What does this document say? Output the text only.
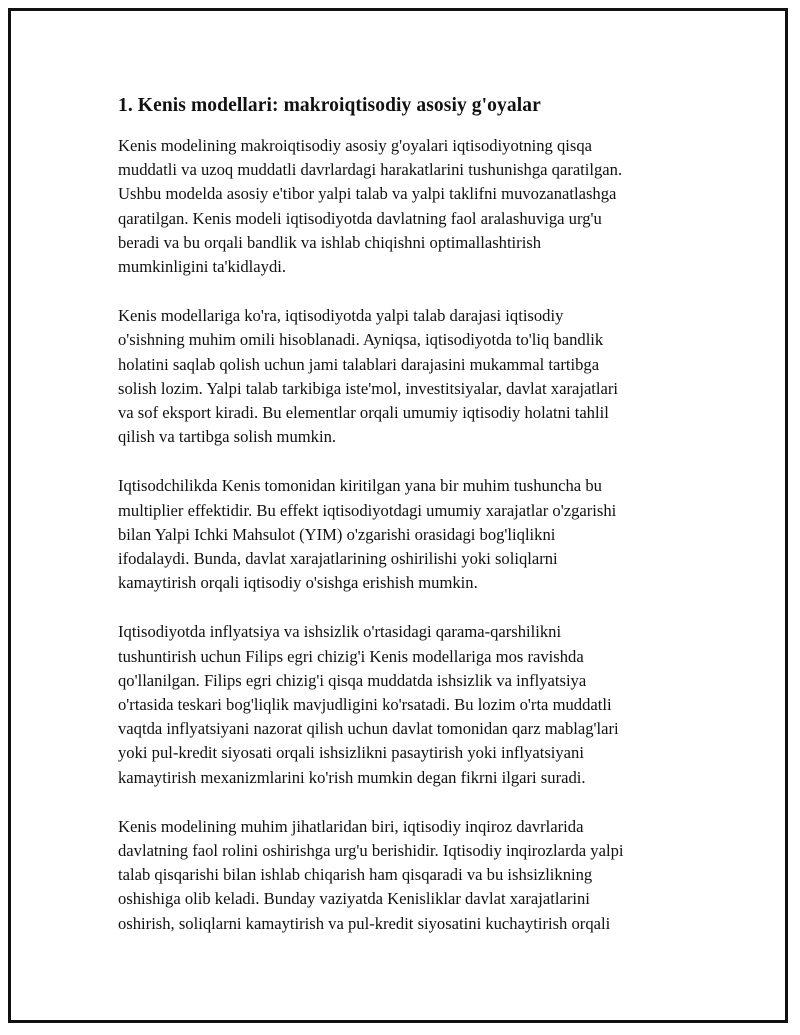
1. Kenis modellari: makroiqtisodiy asosiy g'oyalar

Kenis modelining makroiqtisodiy asosiy g'oyalari iqtisodiyotning qisqa
muddatli va uzoq muddatli davrlardagi harakatlarini tushunishga qaratilgan.
Ushbu modelda asosiy e'tibor yalpi talab va yalpi taklifni muvozanatlashga
qaratilgan. Kenis modeli iqtisodiyotda davlatning faol aralashuviga urg'u
beradi va bu orqali bandlik va ishlab chiqishni optimallashtirish
mumkinligini ta'kidlaydi.

Kenis modellariga ko'ra, iqtisodiyotda yalpi talab darajasi iqtisodiy
o'sishning muhim omili hisoblanadi. Ayniqsa, iqtisodiyotda to'liq bandlik
holatini saqlab qolish uchun jami talablari darajasini mukammal tartibga
solish lozim. Yalpi talab tarkibiga iste'mol, investitsiyalar, davlat xarajatlari
va sof eksport kiradi. Bu elementlar orqali umumiy iqtisodiy holatni tahlil
qilish va tartibga solish mumkin.

Iqtisodchilikda Kenis tomonidan kiritilgan yana bir muhim tushuncha bu
multiplier effektidir. Bu effekt iqtisodiyotdagi umumiy xarajatlar o'zgarishi
bilan Yalpi Ichki Mahsulot (YIM) o'zgarishi orasidagi bog'liqlikni
ifodalaydi. Bunda, davlat xarajatlarining oshirilishi yoki soliqlarni
kamaytirish orqali iqtisodiy o'sishga erishish mumkin.

Iqtisodiyotda inflyatsiya va ishsizlik o'rtasidagi qarama-qarshilikni
tushuntirish uchun Filips egri chizig'i Kenis modellariga mos ravishda
qo'llanilgan. Filips egri chizig'i qisqa muddatda ishsizlik va inflyatsiya
o'rtasida teskari bog'liqlik mavjudligini ko'rsatadi. Bu lozim o'rta muddatli
vaqtda inflyatsiyani nazorat qilish uchun davlat tomonidan qarz mablag'lari
yoki pul-kredit siyosati orqali ishsizlikni pasaytirish yoki inflyatsiyani
kamaytirish mexanizmlarini ko'rish mumkin degan fikrni ilgari suradi.

Kenis modelining muhim jihatlaridan biri, iqtisodiy inqiroz davrlarida
davlatning faol rolini oshirishga urg'u berishidir. Iqtisodiy inqirozlarda yalpi
talab qisqarishi bilan ishlab chiqarish ham qisqaradi va bu ishsizlikning
oshishiga olib keladi. Bunday vaziyatda Kenisliklar davlat xarajatlarini
oshirish, soliqlarni kamaytirish va pul-kredit siyosatini kuchaytirish orqali
